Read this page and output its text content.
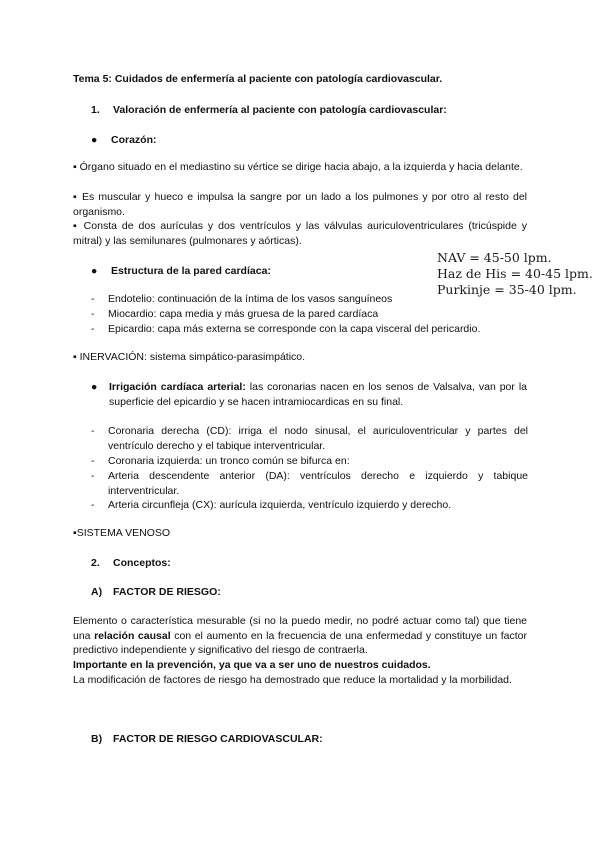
Tema 5: Cuidados de enfermería al paciente con patología cardiovascular.
1. Valoración de enfermería al paciente con patología cardiovascular:
● Corazón:
▪ Órgano situado en el mediastino su vértice se dirige hacia abajo, a la izquierda y hacia delante.
▪ Es muscular y hueco e impulsa la sangre por un lado a los pulmones y por otro al resto del organismo.
▪ Consta de dos aurículas y dos ventrículos y las válvulas auriculoventriculares (tricúspide y mitral) y las semilunares (pulmonares y aórticas).
● Estructura de la pared cardíaca:
NAV = 45-50 lpm.
Haz de His = 40-45 lpm.
Purkinje = 35-40 lpm.
- Endotelio: continuación de la íntima de los vasos sanguíneos
- Miocardio: capa media y más gruesa de la pared cardíaca
- Epicardio: capa más externa se corresponde con la capa visceral del pericardio.
▪ INERVACIÓN: sistema simpático-parasimpático.
●	Irrigación cardíaca arterial: las coronarias nacen en los senos de Valsalva, van por la superficie del epicardio y se hacen intramiocardicas en su final.
- Coronaria derecha (CD): irriga el nodo sinusal, el auriculoventricular y partes del ventrículo derecho y el tabique interventricular.
- Coronaria izquierda: un tronco común se bifurca en:
- Arteria descendente anterior (DA): ventrículos derecho e izquierdo y tabique interventricular.
- Arteria circunfleja (CX): aurícula izquierda, ventrículo izquierdo y derecho.
▪SISTEMA VENOSO
2. Conceptos:
A) FACTOR DE RIESGO:
Elemento o característica mesurable (si no la puedo medir, no podré actuar como tal) que tiene una relación causal con el aumento en la frecuencia de una enfermedad y constituye un factor predictivo independiente y significativo del riesgo de contraerla.
Importante en la prevención, ya que va a ser uno de nuestros cuidados.
La modificación de factores de riesgo ha demostrado que reduce la mortalidad y la morbilidad.
B) FACTOR DE RIESGO CARDIOVASCULAR:
